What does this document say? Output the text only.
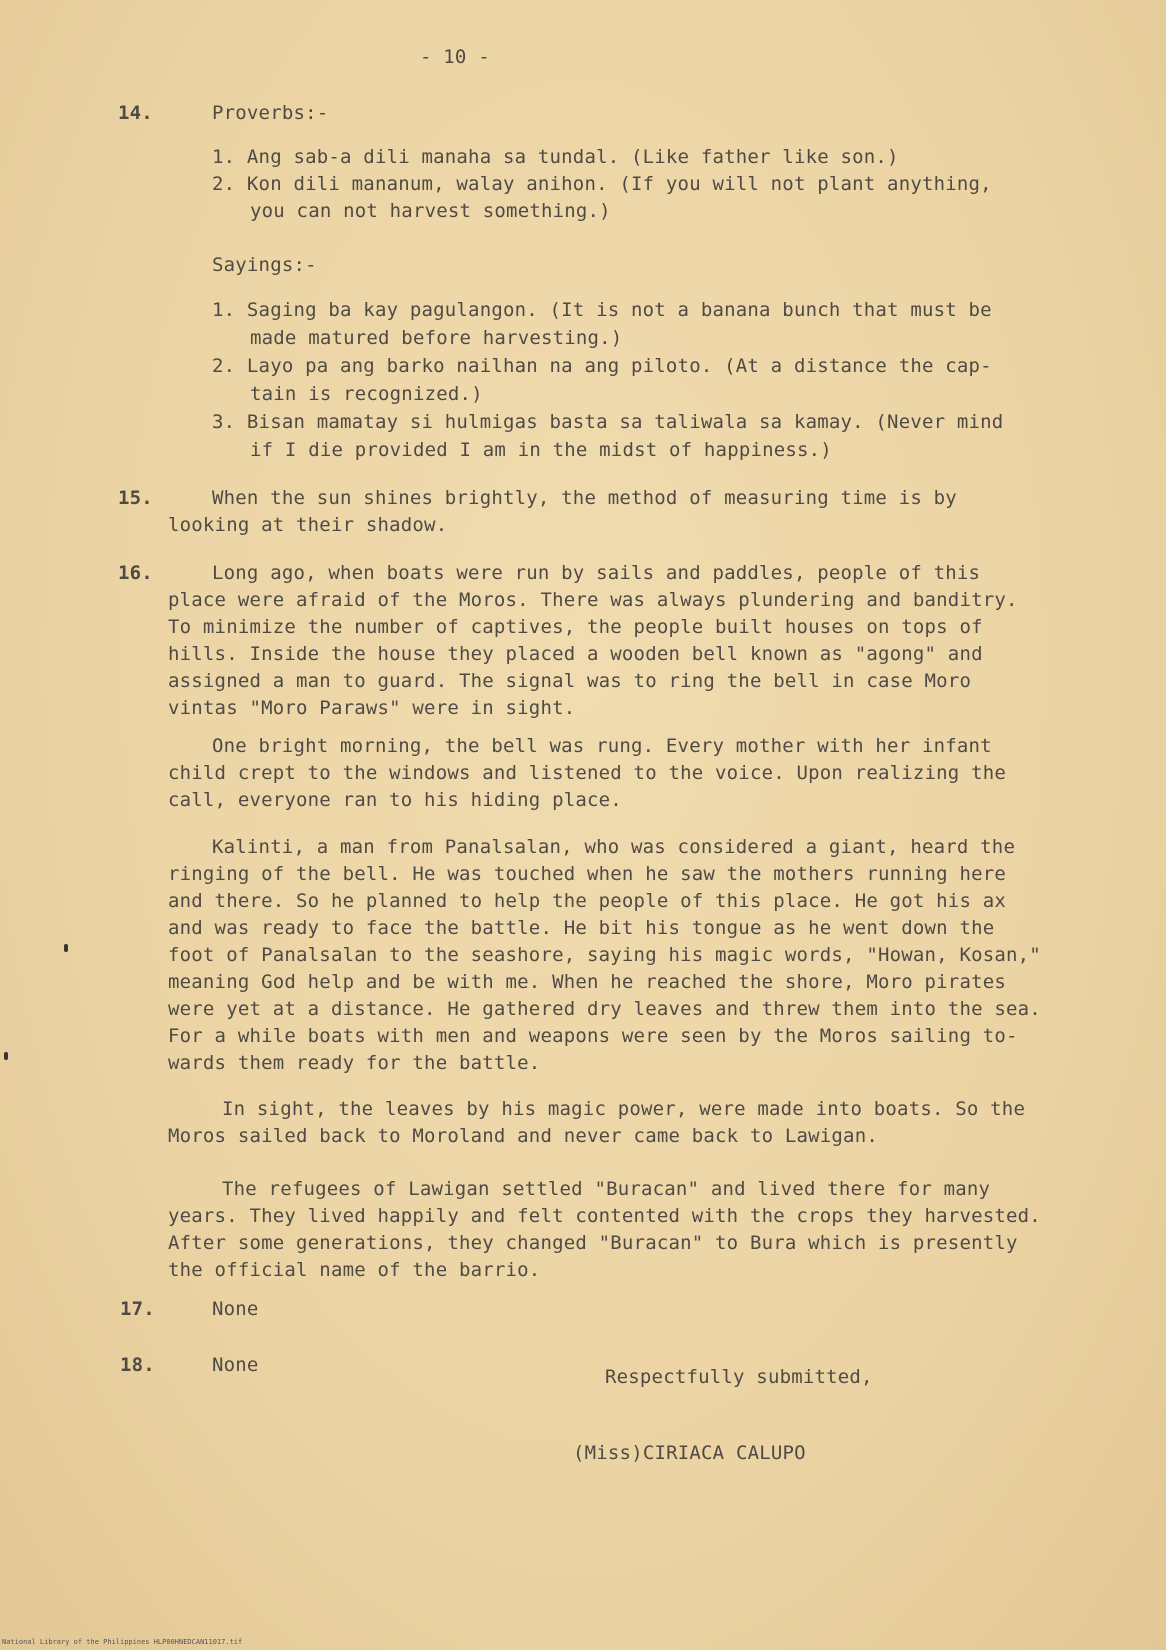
- 10 -

14.	Proverbs:-

1. Ang sab-a dili manaha sa tundal. (Like father like son.)
2. Kon dili mananum, walay anihon. (If you will not plant anything,
you can not harvest something.)

Sayings:-

1. Saging ba kay pagulangon. (It is not a banana bunch that must be
made matured before harvesting.)
2. Layo pa ang barko nailhan na ang piloto. (At a distance the cap-
tain is recognized.)
3. Bisan mamatay si hulmigas basta sa taliwala sa kamay. (Never mind
if I die provided I am in the midst of happiness.)

15.	When the sun shines brightly, the method of measuring time is by
looking at their shadow.

16.	Long ago, when boats were run by sails and paddles, people of this
place were afraid of the Moros. There was always plundering and banditry.
To minimize the number of captives, the people built houses on tops of
hills. Inside the house they placed a wooden bell known as "agong" and
assigned a man to guard. The signal was to ring the bell in case Moro
vintas "Moro Paraws" were in sight.
One bright morning, the bell was rung. Every mother with her infant
child crept to the windows and listened to the voice. Upon realizing the
call, everyone ran to his hiding place.
Kalinti, a man from Panalsalan, who was considered a giant, heard the
ringing of the bell. He was touched when he saw the mothers running here
and there. So he planned to help the people of this place. He got his ax
and was ready to face the battle. He bit his tongue as he went down the
foot of Panalsalan to the seashore, saying his magic words, "Howan, Kosan,"
meaning God help and be with me. When he reached the shore, Moro pirates
were yet at a distance. He gathered dry leaves and threw them into the sea.
For a while boats with men and weapons were seen by the Moros sailing to-
wards them ready for the battle.
In sight, the leaves by his magic power, were made into boats. So the
Moros sailed back to Moroland and never came back to Lawigan.
The refugees of Lawigan settled "Buracan" and lived there for many
years. They lived happily and felt contented with the crops they harvested.
After some generations, they changed "Buracan" to Bura which is presently
the official name of the barrio.

17.	None

18.	None

Respectfully submitted,

(Miss)CIRIACA CALUPO

National Library of the Philippines HLP00HNEDCAN11017.tif
